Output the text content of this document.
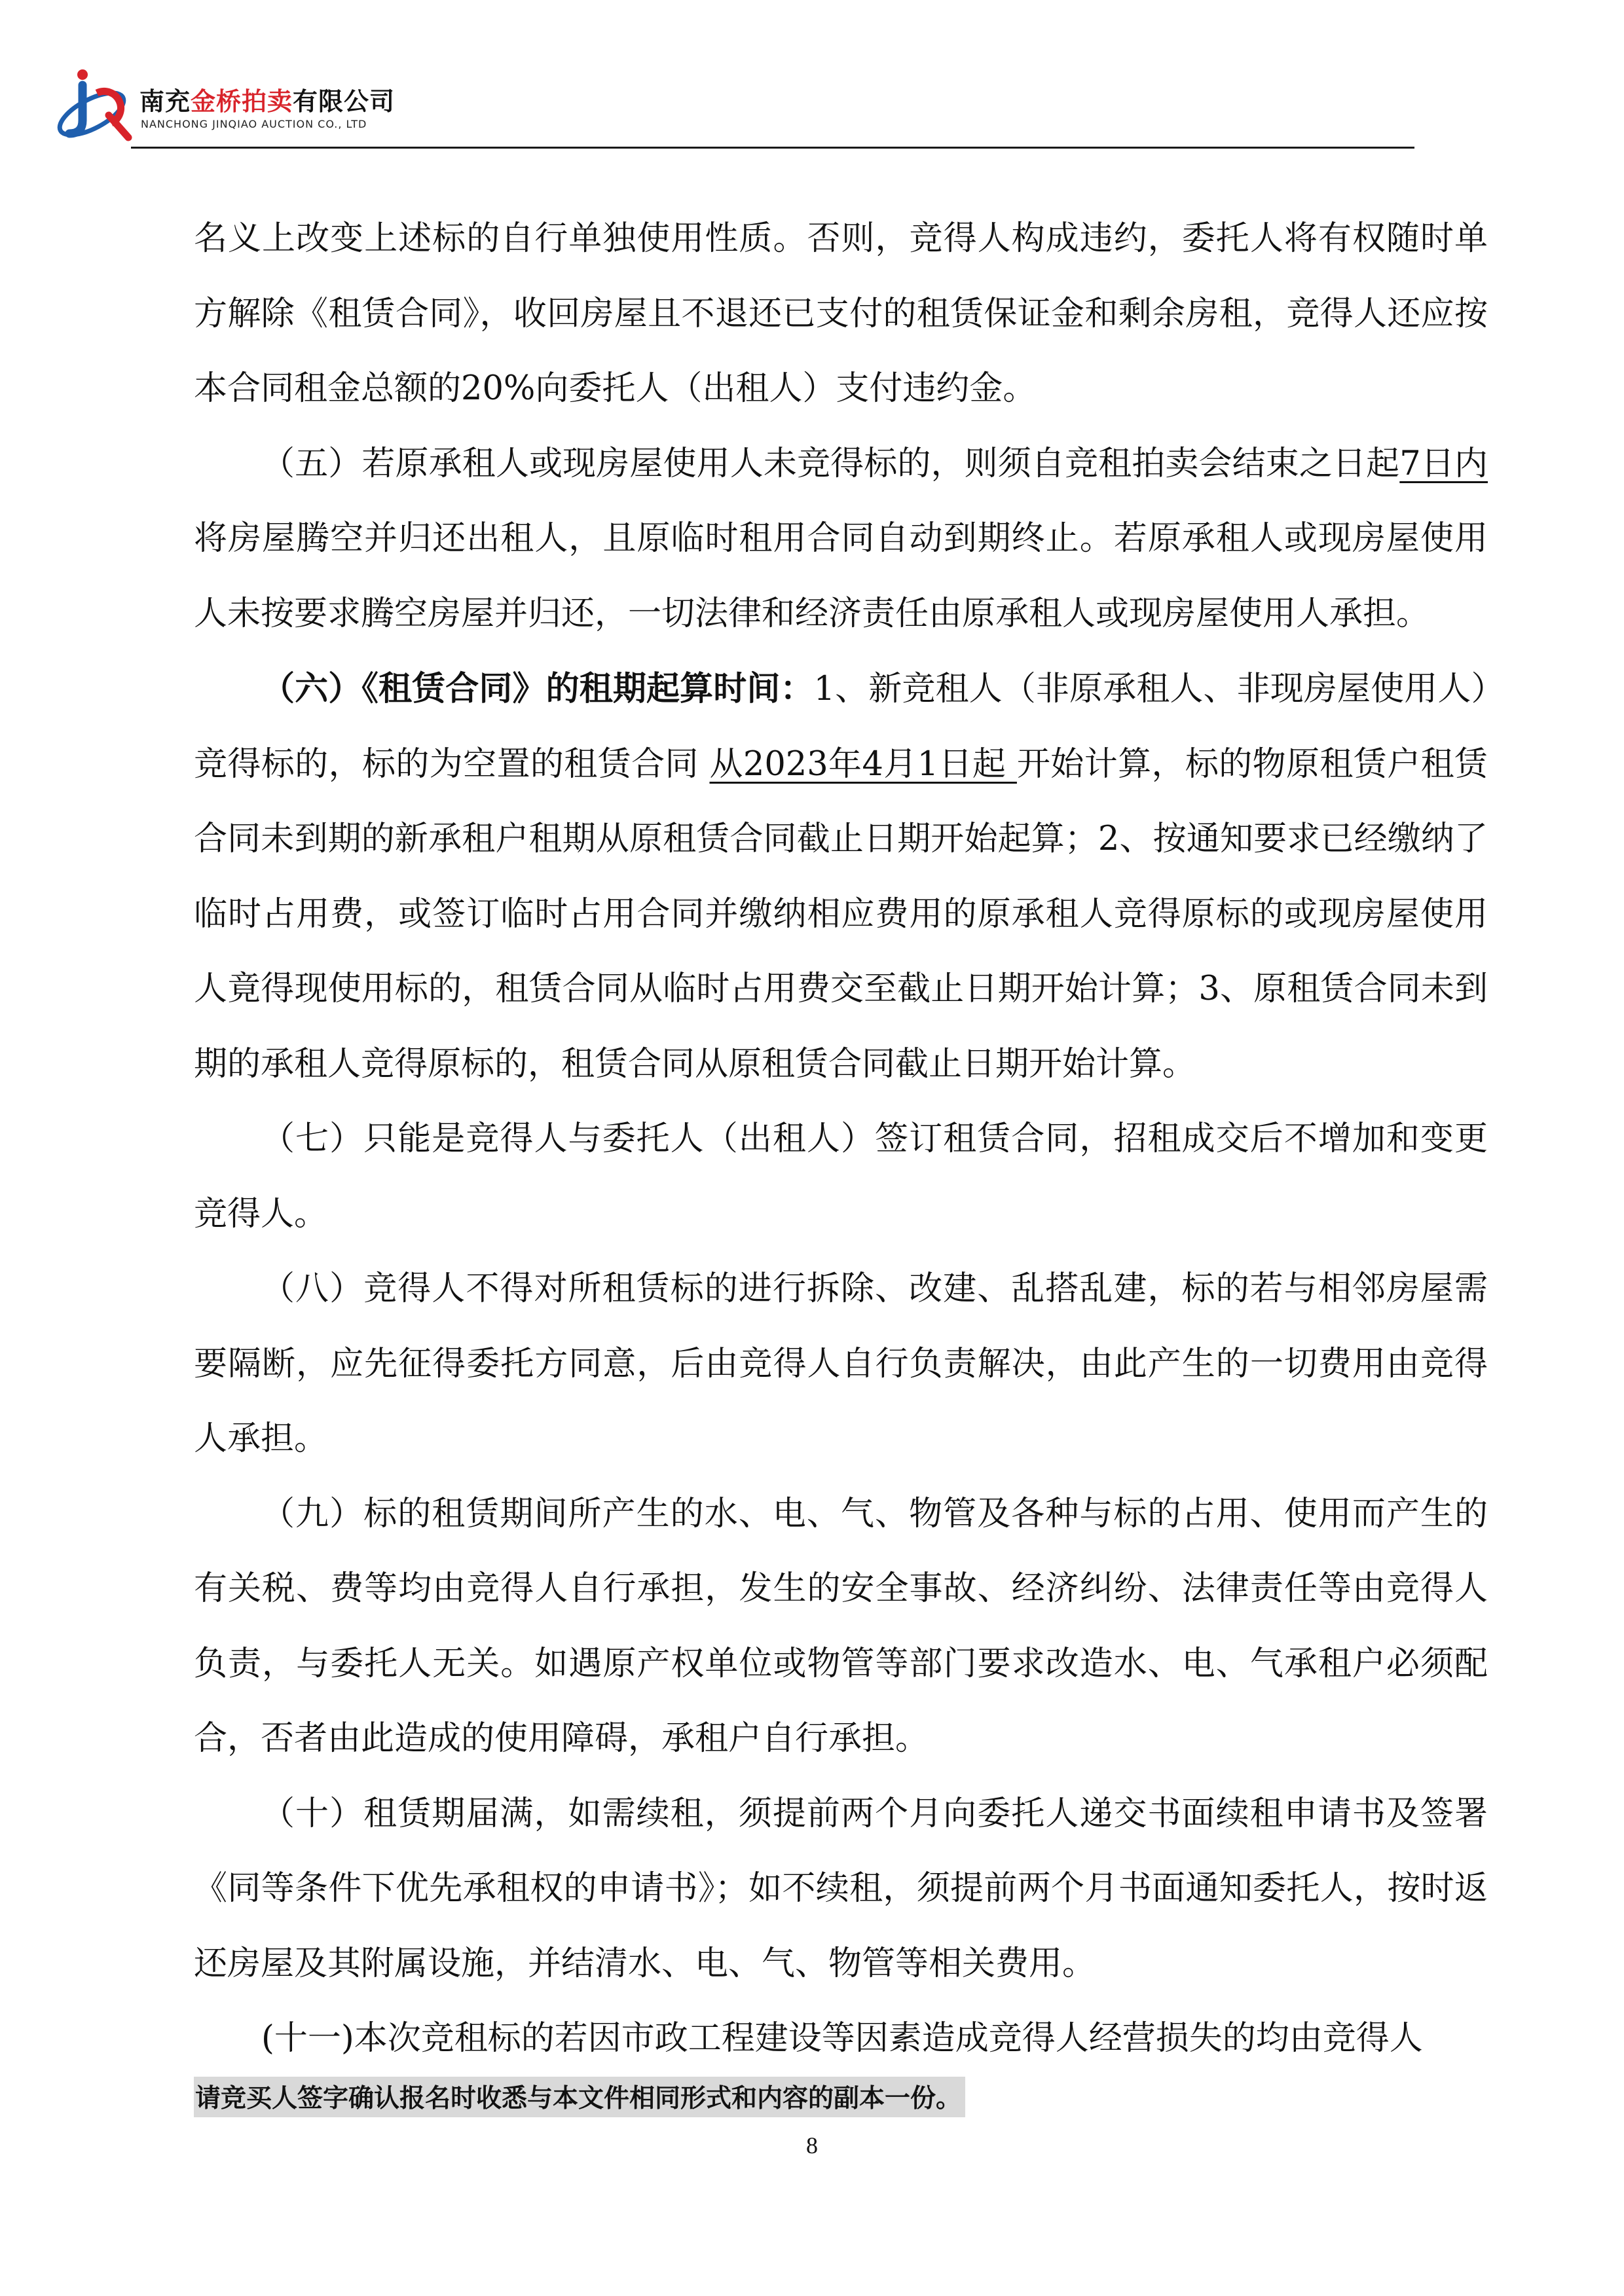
南充金桥拍卖有限公司
NANCHONG JINQIAO AUCTION CO., LTD

名义上改变上述标的自行单独使用性质。否则，竞得人构成违约，委托人将有权随时单方解除《租赁合同》，收回房屋且不退还已支付的租赁保证金和剩余房租，竞得人还应按本合同租金总额的20%向委托人（出租人）支付违约金。

（五）若原承租人或现房屋使用人未竞得标的，则须自竞租拍卖会结束之日起7日内将房屋腾空并归还出租人，且原临时租用合同自动到期终止。若原承租人或现房屋使用人未按要求腾空房屋并归还，一切法律和经济责任由原承租人或现房屋使用人承担。

（六）《租赁合同》的租期起算时间：1、新竞租人（非原承租人、非现房屋使用人）竞得标的，标的为空置的租赁合同 从2023年4月1日起 开始计算，标的物原租赁户租赁合同未到期的新承租户租期从原租赁合同截止日期开始起算；2、按通知要求已经缴纳了临时占用费，或签订临时占用合同并缴纳相应费用的原承租人竞得原标的或现房屋使用人竟得现使用标的，租赁合同从临时占用费交至截止日期开始计算；3、原租赁合同未到期的承租人竞得原标的，租赁合同从原租赁合同截止日期开始计算。

（七）只能是竞得人与委托人（出租人）签订租赁合同，招租成交后不增加和变更竞得人。

（八）竞得人不得对所租赁标的进行拆除、改建、乱搭乱建，标的若与相邻房屋需要隔断，应先征得委托方同意，后由竞得人自行负责解决，由此产生的一切费用由竞得人承担。

（九）标的租赁期间所产生的水、电、气、物管及各种与标的占用、使用而产生的有关税、费等均由竞得人自行承担，发生的安全事故、经济纠纷、法律责任等由竞得人负责，与委托人无关。如遇原产权单位或物管等部门要求改造水、电、气承租户必须配合，否者由此造成的使用障碍，承租户自行承担。

（十）租赁期届满，如需续租，须提前两个月向委托人递交书面续租申请书及签署《同等条件下优先承租权的申请书》；如不续租，须提前两个月书面通知委托人，按时返还房屋及其附属设施，并结清水、电、气、物管等相关费用。

(十一)本次竞租标的若因市政工程建设等因素造成竞得人经营损失的均由竞得人

请竞买人签字确认报名时收悉与本文件相同形式和内容的副本一份。
8
